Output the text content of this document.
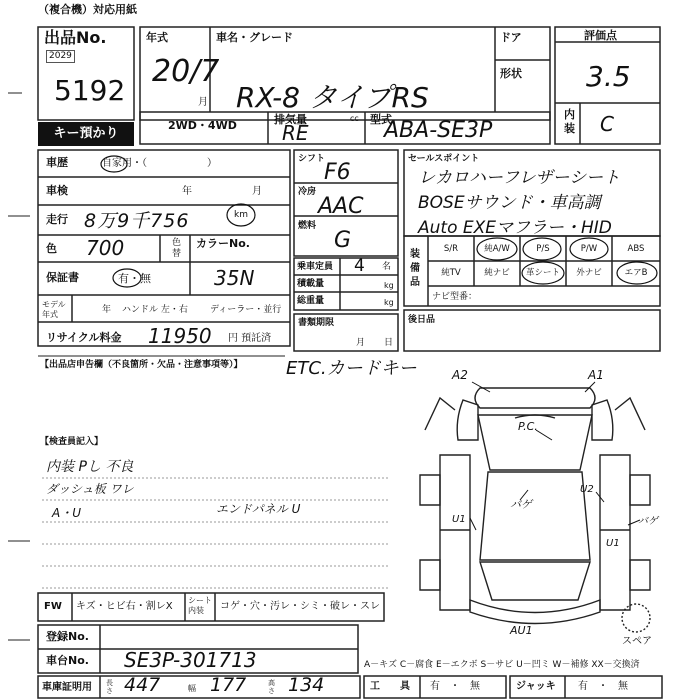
（複合機）対応用紙
出品No.
2029
5192
キー預かり
年式
20/7
月
車名・グレード
RX-8 タイプRS
ドア
形状
評価点
3.5
内装 C
2WD・4WD	排気量	cc
RE
型式
ABA-SE3P
車歴	自家用・（　　　　　　）
車検	年	月
走行 8万9千756	km
色 700	色替
カラーNo.
35N
保証書	有・無
モデル年式	年 ハンドル 左・右 ディーラー・並行
リサイクル料金 11950 円 預託済
シフト
F6
冷房
AAC
燃料
G
乗車定員 4 名
積載量	kg
総重量	kg
書類期限
月 日
セールスポイント
レカロハーフレザーシート
BOSEサウンド・車高調
Auto EXEマフラー・HID
装備品
S/R	純A/W	P/S	P/W	ABS
純TV	純ナビ	革シート	外ナビ	エアB
ナビ型番：
後日品
【出品店申告欄（不良箇所・欠品・注意事項等）】 ETC.カードキー
【検査員記入】
内装 Pし 不良
ダッシュ板 ワレ
A・U	エンドパネル U
A2	A1
P.C.
バゲ
バゲ
U1
U1
U2
AU1
スペア
FW キズ・ヒビ右・割レX
シート内装	コゲ・穴・汚レ・シミ・破レ・スレ
登録No.
車台No. SE3P-301713	A－キズ C－腐食 E－エクボ S－サビ U－凹ミ W－補修 XX－交換済
車庫証明用 長さ 447	幅 177	高さ 134	工　　具 有　・　無	ジャッキ 有　・　無
